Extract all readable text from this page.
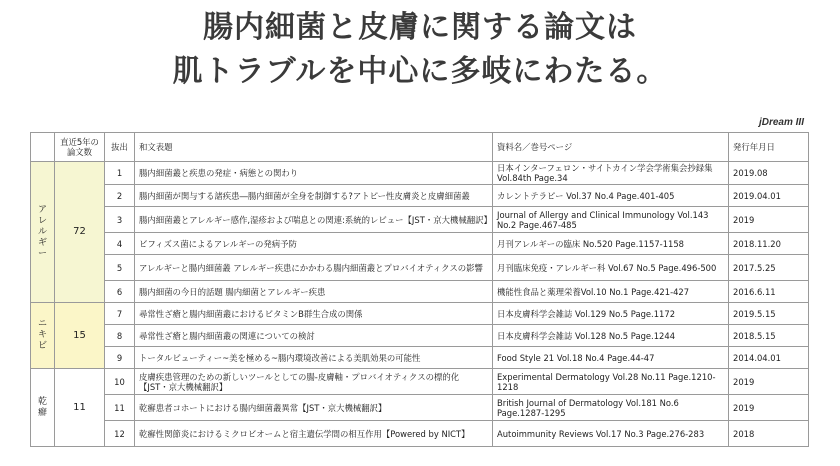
腸内細菌と皮膚に関する論文は
肌トラブルを中心に多岐にわたる。
jDream III
	直近5年の論文数	抜出	和文表題	資料名／巻号ページ	発行年月日
アレルギー	72	1	腸内細菌叢と疾患の発症・病態との関わり	日本インターフェロン・サイトカイン学会学術集会抄録集 Vol.84th Page.34	2019.08
		2	腸内細菌が関与する諸疾患―腸内細菌が全身を制御する?アトピー性皮膚炎と皮膚細菌叢	カレントテラピー Vol.37 No.4 Page.401-405	2019.04.01
		3	腸内細菌叢とアレルギー感作,湿疹および喘息との関連:系統的レビュー【JST・京大機械翻訳】	Journal of Allergy and Clinical Immunology Vol.143 No.2 Page.467-485	2019
		4	ビフィズス菌によるアレルギーの発病予防	月刊アレルギーの臨床 No.520 Page.1157-1158	2018.11.20
		5	アレルギーと腸内細菌叢 アレルギー疾患にかかわる腸内細菌叢とプロバイオティクスの影響	月刊臨床免疫・アレルギー科 Vol.67 No.5 Page.496-500	2017.5.25
		6	腸内細菌の今日的話題 腸内細菌とアレルギー疾患	機能性食品と薬理栄養Vol.10 No.1 Page.421-427	2016.6.11
ニキビ	15	7	尋常性ざ瘡と腸内細菌叢におけるビタミンB群生合成の関係	日本皮膚科学会雑誌 Vol.129 No.5 Page.1172	2019.5.15
		8	尋常性ざ瘡と腸内細菌叢の関連についての検討	日本皮膚科学会雑誌 Vol.128 No.5 Page.1244	2018.5.15
		9	トータルビューティー~美を極める~腸内環境改善による美肌効果の可能性	Food Style 21 Vol.18 No.4 Page.44-47	2014.04.01
乾癬	11	10	皮膚疾患管理のための新しいツールとしての腸-皮膚軸・プロバイオティクスの標的化【JST・京大機械翻訳】	Experimental Dermatology Vol.28 No.11 Page.1210-1218	2019
		11	乾癬患者コホートにおける腸内細菌叢異常【JST・京大機械翻訳】	British Journal of Dermatology Vol.181 No.6 Page.1287-1295	2019
		12	乾癬性関節炎におけるミクロビオームと宿主遺伝学間の相互作用【Powered by NICT】	Autoimmunity Reviews Vol.17 No.3 Page.276-283	2018
